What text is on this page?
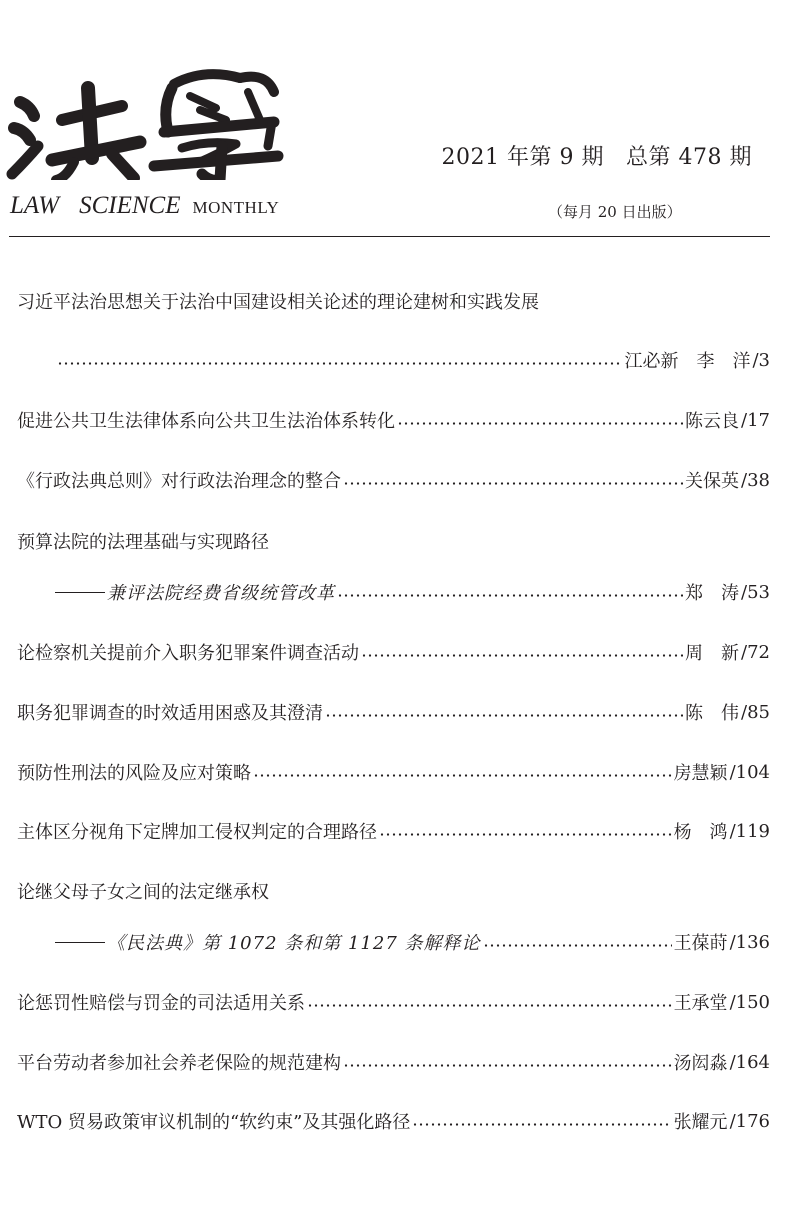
2021 年第 9 期 总第 478 期
LAW SCIENCE MONTHLY	（每月 20 日出版）
习近平法治思想关于法治中国建设相关论述的理论建树和实践发展
江必新　李　洋 / 3
促进公共卫生法律体系向公共卫生法治体系转化	陈云良 / 17
《行政法典总则》对行政法治理念的整合	关保英 / 38
预算法院的法理基础与实现路径
兼评法院经费省级统管改革	郑　涛 / 53
论检察机关提前介入职务犯罪案件调查活动	周　新 / 72
职务犯罪调查的时效适用困惑及其澄清	陈　伟 / 85
预防性刑法的风险及应对策略	房慧颖 / 104
主体区分视角下定牌加工侵权判定的合理路径	杨　鸿 / 119
论继父母子女之间的法定继承权
《民法典》第 1072 条和第 1127 条解释论	王葆莳 / 136
论惩罚性赔偿与罚金的司法适用关系	王承堂 / 150
平台劳动者参加社会养老保险的规范建构	汤闳淼 / 164
WTO 贸易政策审议机制的“软约束”及其强化路径	张耀元 / 176
